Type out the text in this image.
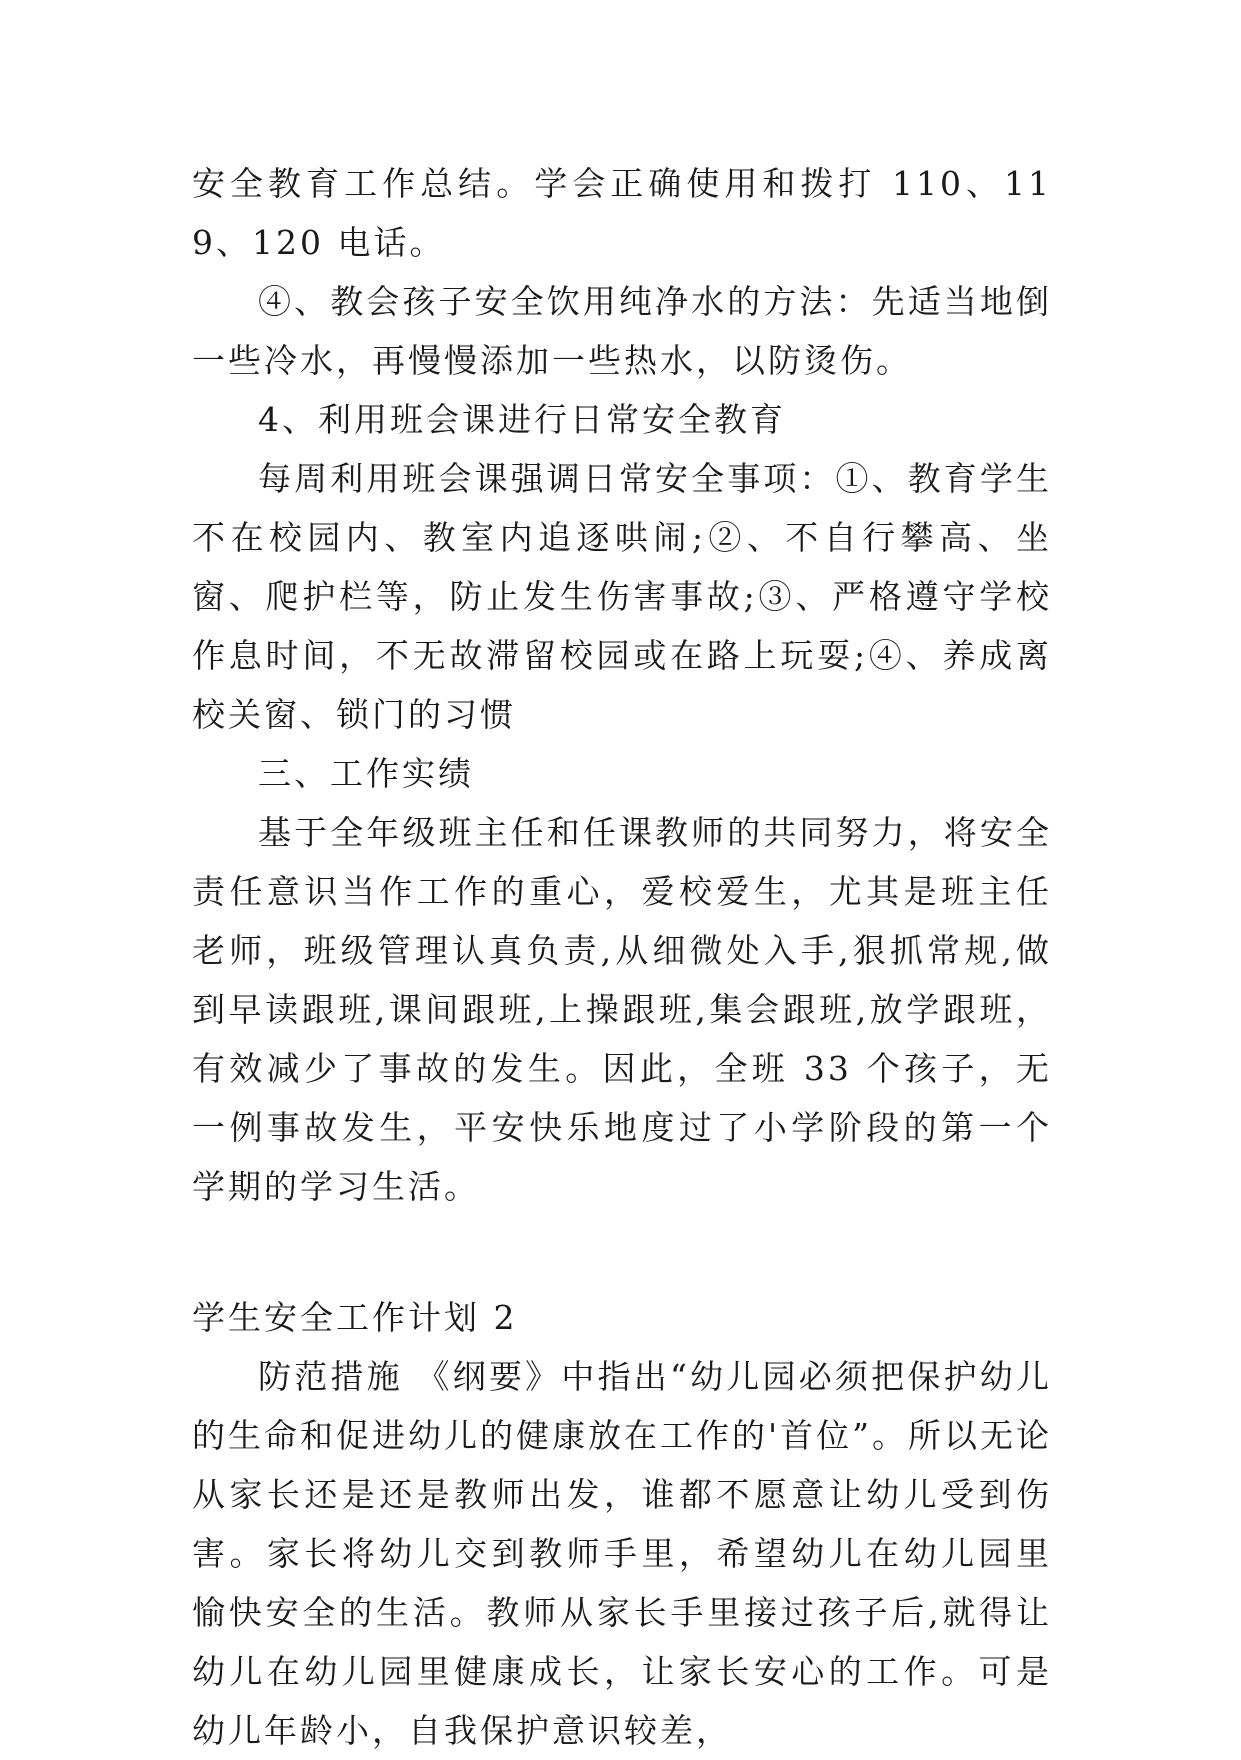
安全教育工作总结。学会正确使用和拨打 110、119、120 电话。

④、教会孩子安全饮用纯净水的方法：先适当地倒一些冷水，再慢慢添加一些热水，以防烫伤。

4、利用班会课进行日常安全教育

每周利用班会课强调日常安全事项：①、教育学生不在校园内、教室内追逐哄闹;②、不自行攀高、坐窗、爬护栏等，防止发生伤害事故;③、严格遵守学校作息时间，不无故滞留校园或在路上玩耍;④、养成离校关窗、锁门的习惯

三、工作实绩

基于全年级班主任和任课教师的共同努力，将安全责任意识当作工作的重心，爱校爱生，尤其是班主任老师，班级管理认真负责,从细微处入手,狠抓常规,做到早读跟班,课间跟班,上操跟班,集会跟班,放学跟班，有效减少了事故的发生。因此，全班 33 个孩子，无一例事故发生，平安快乐地度过了小学阶段的第一个学期的学习生活。

学生安全工作计划 2

防范措施 《纲要》中指出“幼儿园必须把保护幼儿的生命和促进幼儿的健康放在工作的'首位”。所以无论从家长还是还是教师出发，谁都不愿意让幼儿受到伤害。家长将幼儿交到教师手里，希望幼儿在幼儿园里愉快安全的生活。教师从家长手里接过孩子后,就得让幼儿在幼儿园里健康成长，让家长安心的工作。可是幼儿年龄小，自我保护意识较差，
